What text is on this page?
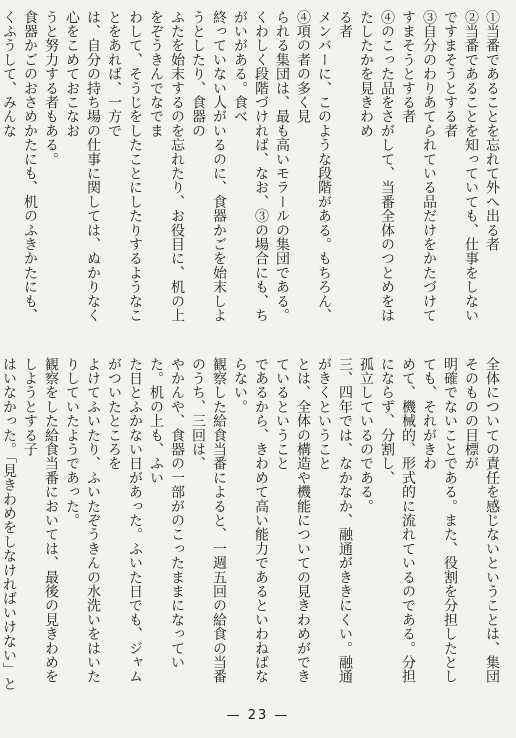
①当番であることを忘れて外へ出る者
②当番であることを知っていても、仕事をしないですまそうとする者
③自分のわりあてられている品だけをかたづけてすまそうとする者
④のこった品をさがして、当番全体のつとめをはたしたかを見きわめ
る者
メンバーに、このような段階がある。もちろん、④項の者の多く見
られる集団は、最も高いモラールの集団である。
くわしく段階づければ、なお、③の場合にも、ちがいがある。食べ
終っていない人がいるのに、食器かごを始末しようとしたり、食器の
ふたを始末するのを忘れたり、お役目に、机の上をぞうきんでなでま
わして、そうじをしたことにしたりするようなことをあれば、一方で
は、自分の持ち場の仕事に関しては、ぬかりなく心をこめておこなお
うと努力する者もある。
食器かごのおさめかたにも、机のふきかたにも、くふうして、みんな
全体についての責任を感じないということは、集団そのものの目標が
明確でないことである。また、役割を分担したとしても、それがきわ
めて、機械的、形式的に流れているのである。分担にならず、分割し、
孤立しているのである。
三、四年では、なかなか、融通がききにくい。融通がきくということ
とは、全体の構造や機能についての見きわめができているということ
であるから、きわめて高い能力であるといわねばならない。
観察した給食当番によると、一週五回の給食の当番のうち、三回は、
やかんや、食器の一部がのこったままになっていた。机の上も、ふい
た日とふかない日があった。ふいた日でも、ジャムがついたところを
よけてふいたり、ふいたぞうきんの水洗いをはいたりしていたようであった。
観察をした給食当番においては、最後の見きわめをしようとする子
はいなかった。「見きわめをしなければいけない」と
— 23 —
